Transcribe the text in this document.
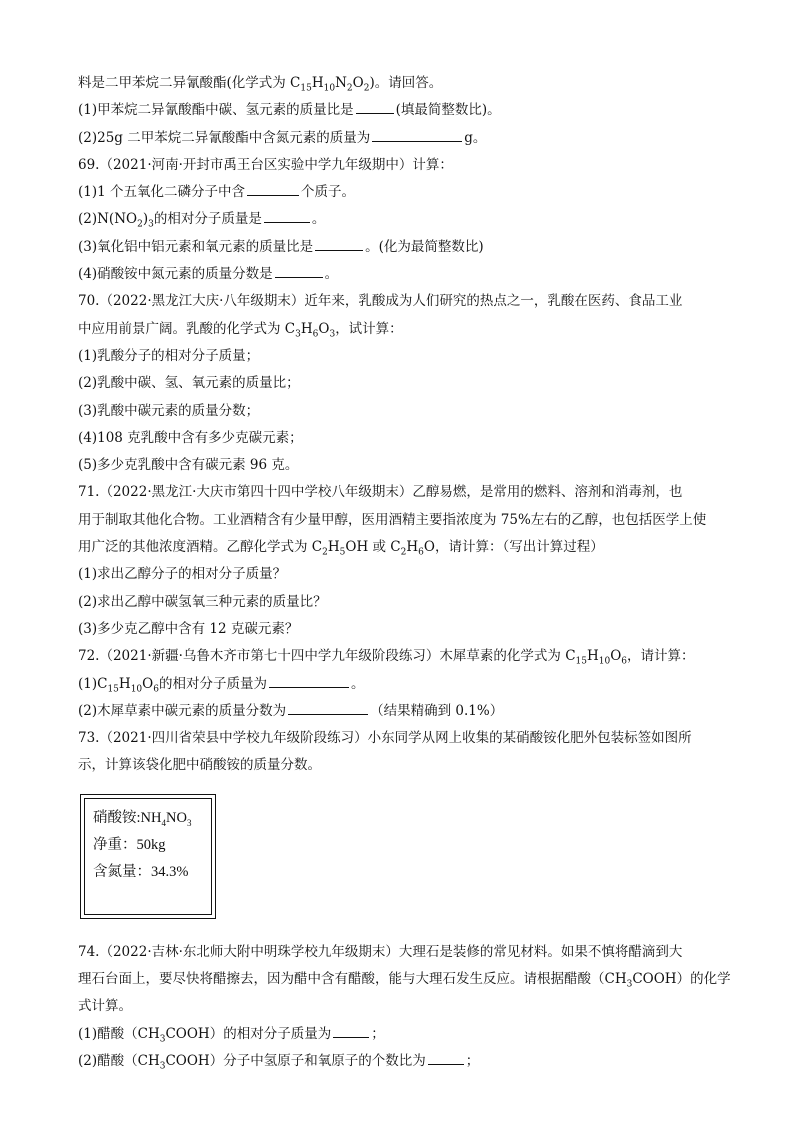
料是二甲苯烷二异氰酸酯(化学式为 $C_{15}H_{10}N_2O_2$)。请回答。
(1)甲苯烷二异氰酸酯中碳、氢元素的质量比是	(填最简整数比)。
(2)25g 二甲苯烷二异氰酸酯中含氮元素的质量为	g。
69.（2021·河南·开封市禹王台区实验中学九年级期中）计算：
(1)1 个五氧化二磷分子中含	个质子。
$(2)N(NO_2)_3$的相对分子质量是	。
(3)氧化铝中铝元素和氧元素的质量比是	。(化为最简整数比)
(4)硝酸铵中氮元素的质量分数是	。
70.（2022·黑龙江大庆·八年级期末）近年来，乳酸成为人们研究的热点之一，乳酸在医药、食品工业
中应用前景广阔。乳酸的化学式为 $C_3H_6O_3$，试计算：
(1)乳酸分子的相对分子质量；
(2)乳酸中碳、氢、氧元素的质量比；
(3)乳酸中碳元素的质量分数；
(4)108 克乳酸中含有多少克碳元素；
(5)多少克乳酸中含有碳元素 96 克。
71.（2022·黑龙江·大庆市第四十四中学校八年级期末）乙醇易燃，是常用的燃料、溶剂和消毒剂，也
用于制取其他化合物。工业酒精含有少量甲醇，医用酒精主要指浓度为 75%左右的乙醇，也包括医学上使
用广泛的其他浓度酒精。乙醇化学式为 $C_2H_5OH$ 或 $C_2H_6O$，请计算：（写出计算过程）
(1)求出乙醇分子的相对分子质量？
(2)求出乙醇中碳氢氧三种元素的质量比？
(3)多少克乙醇中含有 12 克碳元素？
72.（2021·新疆·乌鲁木齐市第七十四中学九年级阶段练习）木犀草素的化学式为 $C_{15}H_{10}O_6$，请计算：
$(1)C_{15}H_{10}O_6$的相对分子质量为	。
(2)木犀草素中碳元素的质量分数为	（结果精确到 0.1%）
73.（2021·四川省荣县中学校九年级阶段练习）小东同学从网上收集的某硝酸铵化肥外包装标签如图所
示，计算该袋化肥中硝酸铵的质量分数。
硝酸铵$:NH_4NO_3$
净重：50kg
含氮量：34.3%
74.（2022·吉林·东北师大附中明珠学校九年级期末）大理石是装修的常见材料。如果不慎将醋滴到大
理石台面上，要尽快将醋擦去，因为醋中含有醋酸，能与大理石发生反应。请根据醋酸$(CH_3COOH)$的化学
式计算。
(1)醋酸$(CH_3COOH)$的相对分子质量为	；
(2)醋酸$(CH_3COOH)$分子中氢原子和氧原子的个数比为	；
